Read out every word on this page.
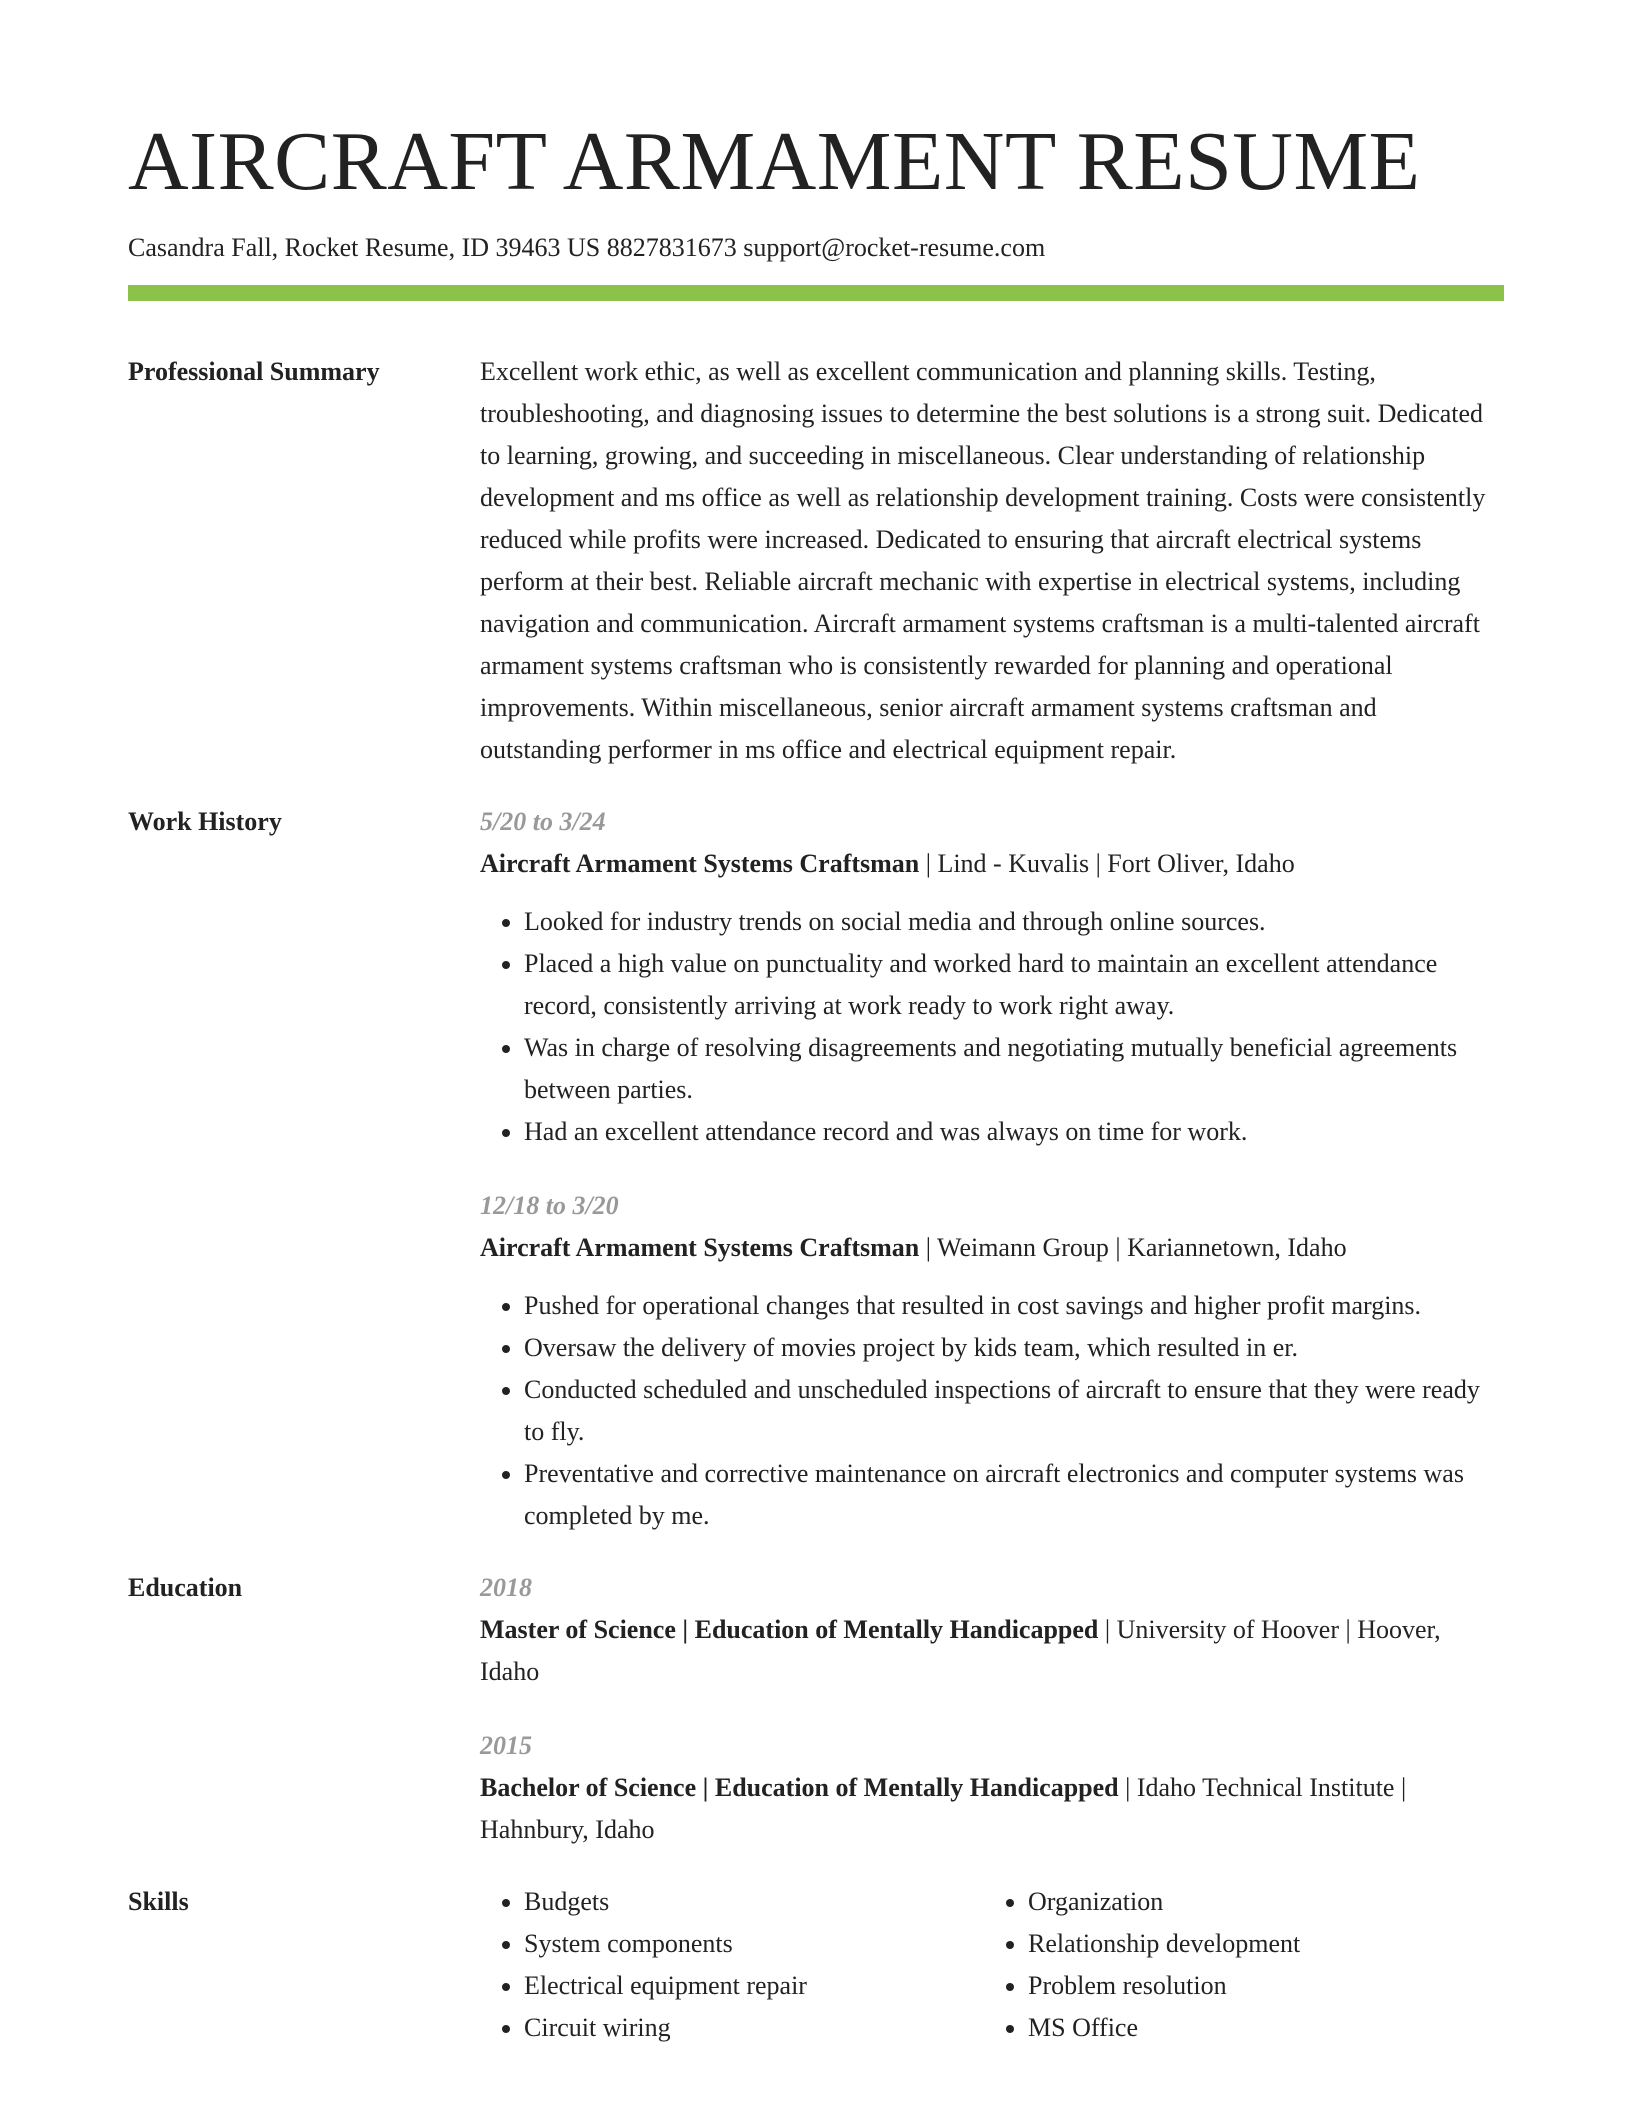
AIRCRAFT ARMAMENT RESUME
Casandra Fall, Rocket Resume, ID 39463 US 8827831673 support@rocket-resume.com
Professional Summary	Excellent work ethic, as well as excellent communication and planning skills. Testing, troubleshooting, and diagnosing issues to determine the best solutions is a strong suit. Dedicated to learning, growing, and succeeding in miscellaneous. Clear understanding of relationship development and ms office as well as relationship development training. Costs were consistently reduced while profits were increased. Dedicated to ensuring that aircraft electrical systems perform at their best. Reliable aircraft mechanic with expertise in electrical systems, including navigation and communication. Aircraft armament systems craftsman is a multi-talented aircraft armament systems craftsman who is consistently rewarded for planning and operational improvements. Within miscellaneous, senior aircraft armament systems craftsman and outstanding performer in ms office and electrical equipment repair.
Work History	5/20 to 3/24
Aircraft Armament Systems Craftsman | Lind - Kuvalis | Fort Oliver, Idaho
• Looked for industry trends on social media and through online sources.
• Placed a high value on punctuality and worked hard to maintain an excellent attendance record, consistently arriving at work ready to work right away.
• Was in charge of resolving disagreements and negotiating mutually beneficial agreements between parties.
• Had an excellent attendance record and was always on time for work.
12/18 to 3/20
Aircraft Armament Systems Craftsman | Weimann Group | Kariannetown, Idaho
• Pushed for operational changes that resulted in cost savings and higher profit margins.
• Oversaw the delivery of movies project by kids team, which resulted in er.
• Conducted scheduled and unscheduled inspections of aircraft to ensure that they were ready to fly.
• Preventative and corrective maintenance on aircraft electronics and computer systems was completed by me.
Education	2018
Master of Science | Education of Mentally Handicapped | University of Hoover | Hoover, Idaho
2015
Bachelor of Science | Education of Mentally Handicapped | Idaho Technical Institute | Hahnbury, Idaho
Skills
•	Budgets
• System components
• Electrical equipment repair
• Circuit wiring
• Organization
• Relationship development
• Problem resolution
• MS Office
